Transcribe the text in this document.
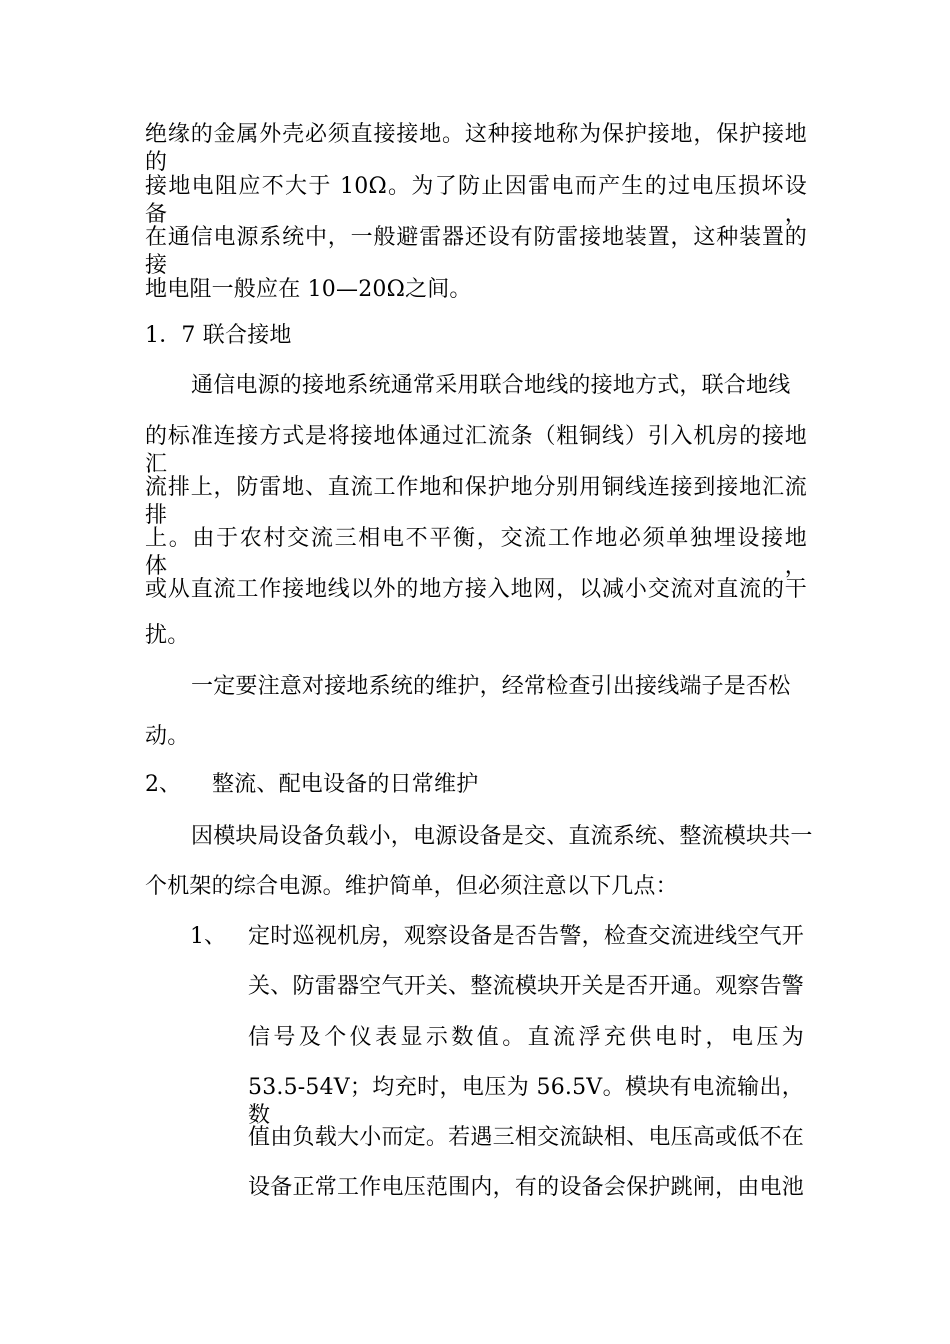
绝缘的金属外壳必须直接接地。这种接地称为保护接地，保护接地的
接地电阻应不大于 10Ω。为了防止因雷电而产生的过电压损坏设备，
在通信电源系统中，一般避雷器还设有防雷接地装置，这种装置的接
地电阻一般应在 10—20Ω之间。
1．7 联合接地
通信电源的接地系统通常采用联合地线的接地方式，联合地线
的标准连接方式是将接地体通过汇流条（粗铜线）引入机房的接地汇
流排上，防雷地、直流工作地和保护地分别用铜线连接到接地汇流排
上。由于农村交流三相电不平衡，交流工作地必须单独埋设接地体，
或从直流工作接地线以外的地方接入地网，以减小交流对直流的干
扰。
一定要注意对接地系统的维护，经常检查引出接线端子是否松
动。
2、 整流、配电设备的日常维护
因模块局设备负载小，电源设备是交、直流系统、整流模块共一
个机架的综合电源。维护简单，但必须注意以下几点：
1、 定时巡视机房，观察设备是否告警，检查交流进线空气开
关、防雷器空气开关、整流模块开关是否开通。观察告警
信号及个仪表显示数值。直流浮充供电时，电压为
53.5-54V；均充时，电压为 56.5V。模块有电流输出，数
值由负载大小而定。若遇三相交流缺相、电压高或低不在
设备正常工作电压范围内，有的设备会保护跳闸，由电池
